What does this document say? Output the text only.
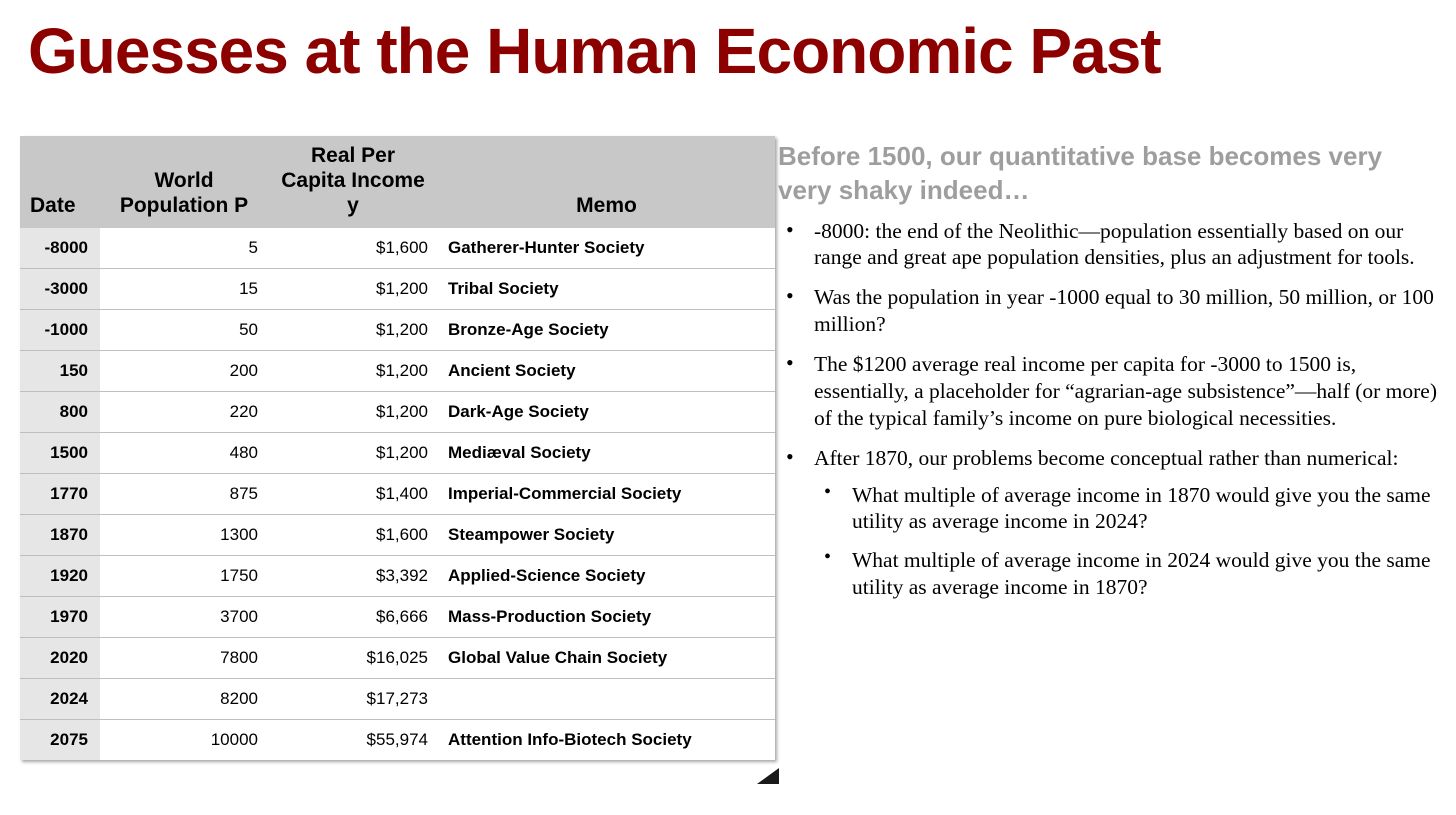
Guesses at the Human Economic Past
Date	World Population P	Real Per Capita Income y	Memo
-8000	5	$1,600	Gatherer-Hunter Society
-3000	15	$1,200	Tribal Society
-1000	50	$1,200	Bronze-Age Society
150	200	$1,200	Ancient Society
800	220	$1,200	Dark-Age Society
1500	480	$1,200	Mediæval Society
1770	875	$1,400	Imperial-Commercial Society
1870	1300	$1,600	Steampower Society
1920	1750	$3,392	Applied-Science Society
1970	3700	$6,666	Mass-Production Society
2020	7800	$16,025	Global Value Chain Society
2024	8200	$17,273	
2075	10000	$55,974	Attention Info-Biotech Society
Before 1500, our quantitative base becomes very very shaky indeed…
• -8000: the end of the Neolithic—population essentially based on our range and great ape population densities, plus an adjustment for tools.
• Was the population in year -1000 equal to 30 million, 50 million, or 100 million?
• The $1200 average real income per capita for -3000 to 1500 is, essentially, a placeholder for “agrarian-age subsistence”—half (or more) of the typical family’s income on pure biological necessities.
• After 1870, our problems become conceptual rather than numerical:
• What multiple of average income in 1870 would give you the same utility as average income in 2024?
• What multiple of average income in 2024 would give you the same utility as average income in 1870?
